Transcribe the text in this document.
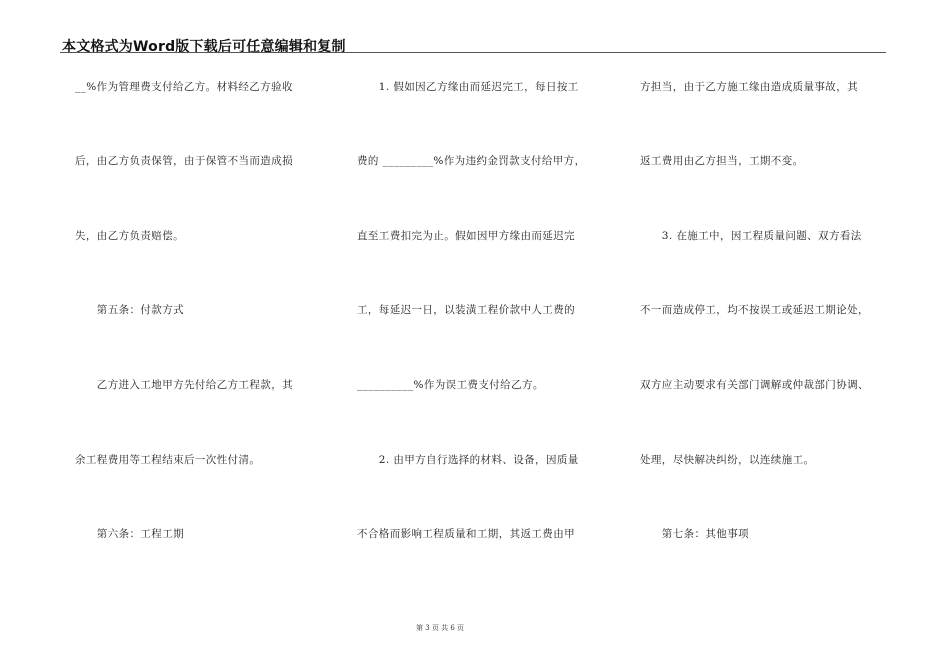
本文格式为Word版下载后可任意编辑和复制
__%作为管理费支付给乙方。材料经乙方验收
后，由乙方负责保管，由于保管不当而造成损
失，由乙方负责赔偿。
　　第五条：付款方式
　　乙方进入工地甲方先付给乙方工程款，其
余工程费用等工程结束后一次性付清。
　　第六条：工程工期
　　1. 假如因乙方缘由而延迟完工，每日按工
费的 _________%作为违约金罚款支付给甲方，
直至工费扣完为止。假如因甲方缘由而延迟完
工，每延迟一日，以装潢工程价款中人工费的
__________%作为误工费支付给乙方。
　　2. 由甲方自行选择的材料、设备，因质量
不合格而影响工程质量和工期，其返工费由甲
方担当，由于乙方施工缘由造成质量事故，其
返工费用由乙方担当，工期不变。
　　3. 在施工中，因工程质量问题、双方看法
不一而造成停工，均不按误工或延迟工期论处，
双方应主动要求有关部门调解或仲裁部门协调、
处理，尽快解决纠纷，以连续施工。
　　第七条：其他事项
第 3 页 共 6 页
